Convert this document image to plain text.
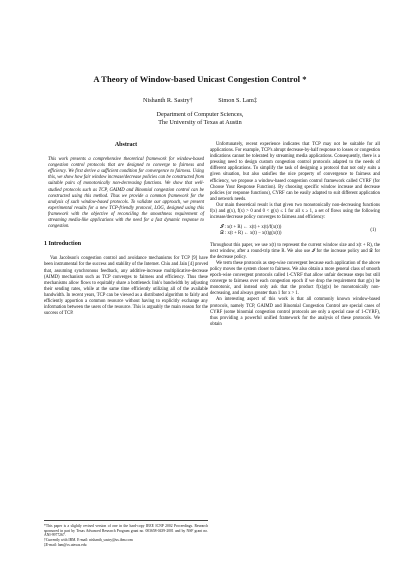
A Theory of Window-based Unicast Congestion Control *
Nishanth R. Sastry†	Simon S. Lam‡
Department of Computer Sciences,
The University of Texas at Austin
Abstract

This work presents a comprehensive theoretical framework for window-based congestion control protocols that are designed to converge to fairness and efficiency. We first derive a sufficient condition for convergence to fairness. Using this, we show how fair window increase/decrease policies can be constructed from suitable pairs of monotonically non-decreasing functions. We show that well-studied protocols such as TCP, GAIMD and Binomial congestion control can be constructed using this method. Thus we provide a common framework for the analysis of such window-based protocols. To validate our approach, we present experimental results for a new TCP-friendly protocol, LOG, designed using this framework with the objective of reconciling the smoothness requirement of streaming media-like applications with the need for a fast dynamic response to congestion.

1 Introduction

Van Jacobson's congestion control and avoidance mechanisms for TCP [9] have been instrumental for the success and stability of the Internet. Chiu and Jain [4] proved that, assuming synchronous feedback, any additive-increase multiplicative-decrease (AIMD) mechanism such as TCP converges to fairness and efficiency. Thus these mechanisms allow flows to equitably share a bottleneck link's bandwidth by adjusting their sending rates, while at the same time efficiently utilizing all of the available bandwidth. In recent years, TCP can be viewed as a distributed algorithm to fairly and efficiently apportion a common resource without having to explicitly exchange any information between the users of the resource. This is arguably the main reason for the success of TCP.

Unfortunately, recent experience indicates that TCP may not be suitable for all applications. For example, TCP's abrupt decrease-by-half response to losses or congestion indications cannot be tolerated by streaming media applications. Consequently, there is a pressing need to design custom congestion control protocols adapted to the needs of different applications. To simplify the task of designing a protocol that not only suits a given situation, but also satisfies the nice property of convergence to fairness and efficiency, we propose a window-based congestion control framework called CYRF (for Choose Your Response Function). By choosing specific window increase and decrease policies (or response functions), CYRF can be easily adapted to suit different application and network needs.

Our main theoretical result is that given two monotonically non-decreasing functions f(x) and g(x), f(x) > 0 and 0 < g(x) ≤ 1 for all x ≥ 1, a set of flows using the following increase/decrease policy converges to fairness and efficiency:

𝓘 : x(t + R) ← x(t) + x(t)/f(x(t))
𝒟 : x(t + R) ← x(t) − x(t)g(x(t))
(1)

Throughout this paper, we use x(t) to represent the current window size and x(t + R), the next window, after a round-trip time R. We also use 𝓘 for the increase policy and 𝒟 for the decrease policy.

We term these protocols as step-wise convergent because each application of the above policy moves the system closer to fairness. We also obtain a more general class of smooth epoch-wise convergent protocols called 1-CYRF that allow unfair decrease steps but still converge to fairness over each congestion epoch if we drop the requirement that g(x) be monotonic, and instead only ask that the product f(x)g(x) be monotonically non-decreasing, and always greater than 1 for x > 1.

An interesting aspect of this work is that all commonly known window-based protocols, namely TCP, GAIMD and Binomial Congestion Control are special cases of CYRF (some binomial congestion control protocols are only a special case of 1-CYRF), thus providing a powerful unified framework for the analysis of these protocols. We obtain

*This paper is a slightly revised version of one in the hard-copy IEEE ICNP 2002 Proceedings. Research sponsored in part by Texas Advanced Research Program grant no. 003658-0439-2001 and by NSF grant no. ANI-9977267.
†Currently with IBM. E-mail: nishanth_sastry@us.ibm.com
‡E-mail: lam@cs.utexas.edu
